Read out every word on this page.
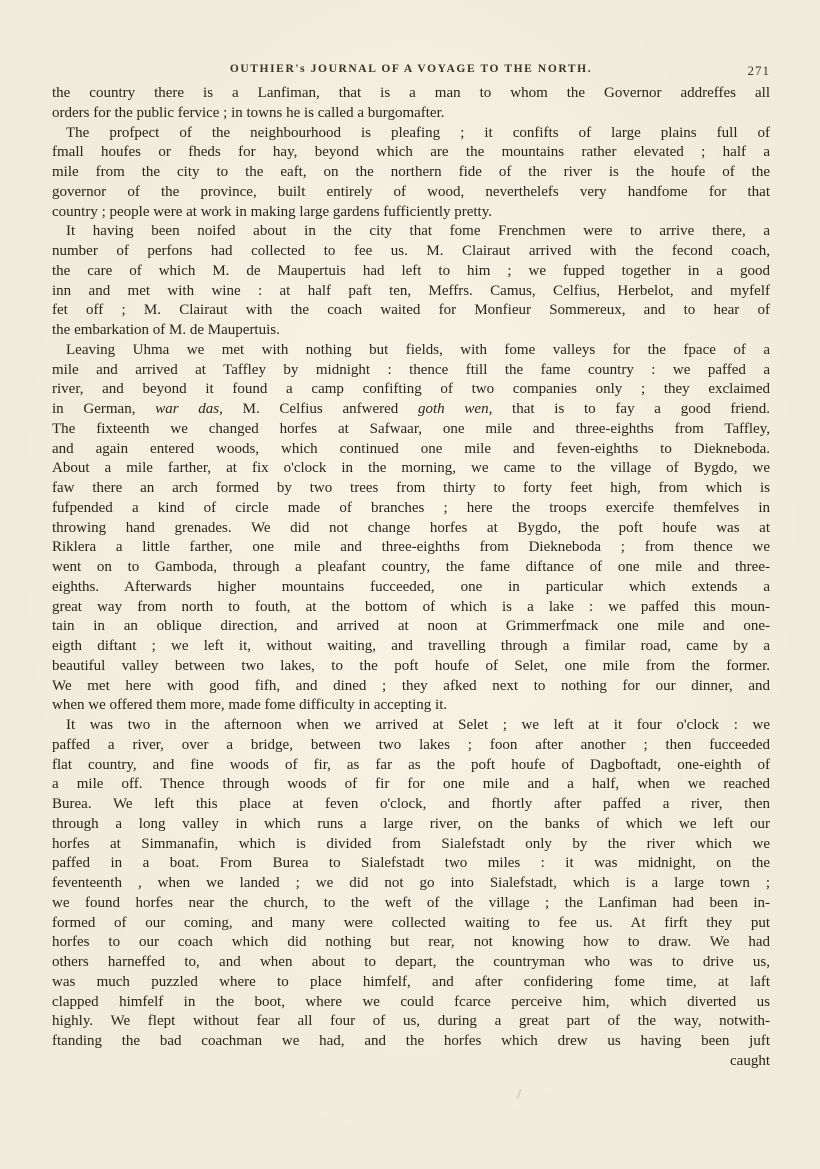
OUTHIER's JOURNAL OF A VOYAGE TO THE NORTH.	271
the country there is a Lanfiman, that is a man to whom the Governor addreffes all
orders for the public fervice ; in towns he is called a burgomafter.
The profpect of the neighbourhood is pleafing ; it confifts of large plains full of
fmall houfes or fheds for hay, beyond which are the mountains rather elevated ; half a
mile from the city to the eaft, on the northern fide of the river is the houfe of the
governor of the province, built entirely of wood, neverthelefs very handfome for that
country ; people were at work in making large gardens fufficiently pretty.
It having been noifed about in the city that fome Frenchmen were to arrive there, a
number of perfons had collected to fee us. M. Clairaut arrived with the fecond coach,
the care of which M. de Maupertuis had left to him ; we fupped together in a good
inn and met with wine : at half paft ten, Meffrs. Camus, Celfius, Herbelot, and myfelf
fet off ; M. Clairaut with the coach waited for Monfieur Sommereux, and to hear of
the embarkation of M. de Maupertuis.
Leaving Uhma we met with nothing but fields, with fome valleys for the fpace of a
mile and arrived at Taffley by midnight : thence ftill the fame country : we paffed a
river, and beyond it found a camp confifting of two companies only ; they exclaimed
in German, war das, M. Celfius anfwered goth wen, that is to fay a good friend.
The fixteenth we changed horfes at Safwaar, one mile and three-eighths from Taffley,
and again entered woods, which continued one mile and feven-eighths to Diekneboda.
About a mile farther, at fix o'clock in the morning, we came to the village of Bygdo, we
faw there an arch formed by two trees from thirty to forty feet high, from which is
fufpended a kind of circle made of branches ; here the troops exercife themfelves in
throwing hand grenades. We did not change horfes at Bygdo, the poft houfe was at
Riklera a little farther, one mile and three-eighths from Diekneboda ; from thence we
went on to Gamboda, through a pleafant country, the fame diftance of one mile and three-
eighths. Afterwards higher mountains fucceeded, one in particular which extends a
great way from north to fouth, at the bottom of which is a lake : we paffed this moun-
tain in an oblique direction, and arrived at noon at Grimmerfmack one mile and one-
eigth diftant ; we left it, without waiting, and travelling through a fimilar road, came by a
beautiful valley between two lakes, to the poft houfe of Selet, one mile from the former.
We met here with good fifh, and dined ; they afked next to nothing for our dinner, and
when we offered them more, made fome difficulty in accepting it.
It was two in the afternoon when we arrived at Selet ; we left at it four o'clock : we
paffed a river, over a bridge, between two lakes ; foon after another ; then fucceeded
flat country, and fine woods of fir, as far as the poft houfe of Dagboftadt, one-eighth of
a mile off. Thence through woods of fir for one mile and a half, when we reached
Burea. We left this place at feven o'clock, and fhortly after paffed a river, then
through a long valley in which runs a large river, on the banks of which we left our
horfes at Simmanafin, which is divided from Sialefstadt only by the river which we
paffed in a boat. From Burea to Sialefstadt two miles : it was midnight, on the
feventeenth , when we landed ; we did not go into Sialefstadt, which is a large town ;
we found horfes near the church, to the weft of the village ; the Lanfiman had been in-
formed of our coming, and many were collected waiting to fee us. At firft they put
horfes to our coach which did nothing but rear, not knowing how to draw. We had
others harneffed to, and when about to depart, the countryman who was to drive us,
was much puzzled where to place himfelf, and after confidering fome time, at laft
clapped himfelf in the boot, where we could fcarce perceive him, which diverted us
highly. We flept without fear all four of us, during a great part of the way, notwith-
ftanding the bad coachman we had, and the horfes which drew us having been juft
caught
